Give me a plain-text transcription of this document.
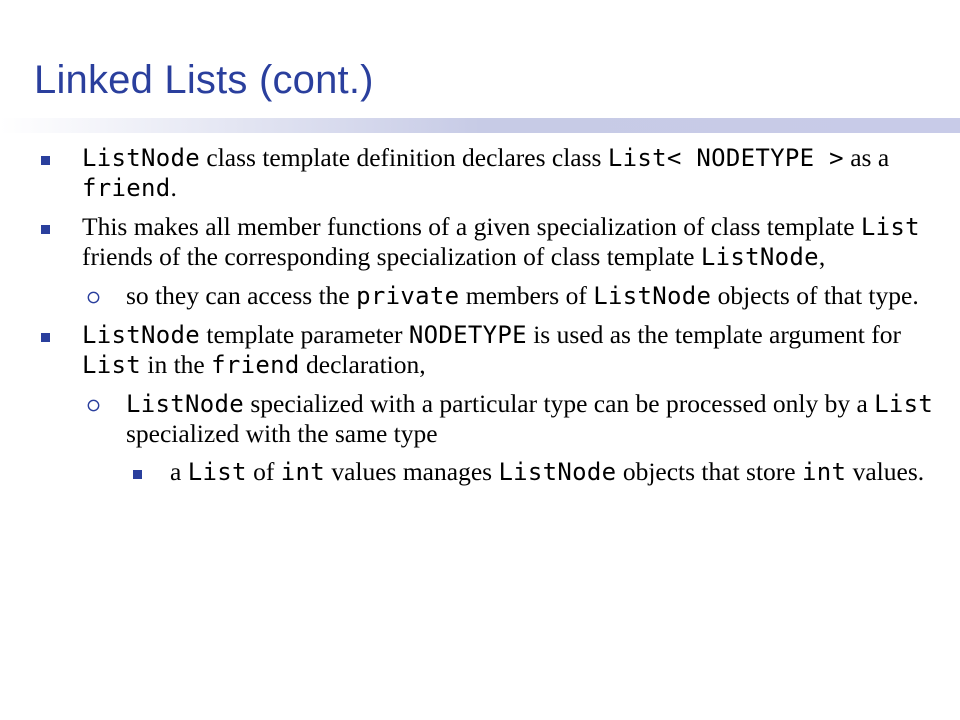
Linked Lists (cont.)

ListNode class template definition declares class List< NODETYPE > as a friend.

This makes all member functions of a given specialization of class template List friends of the corresponding specialization of class template ListNode,

so they can access the private members of ListNode objects of that type.

ListNode template parameter NODETYPE is used as the template argument for List in the friend declaration,

ListNode specialized with a particular type can be processed only by a List specialized with the same type

a List of int values manages ListNode objects that store int values.
